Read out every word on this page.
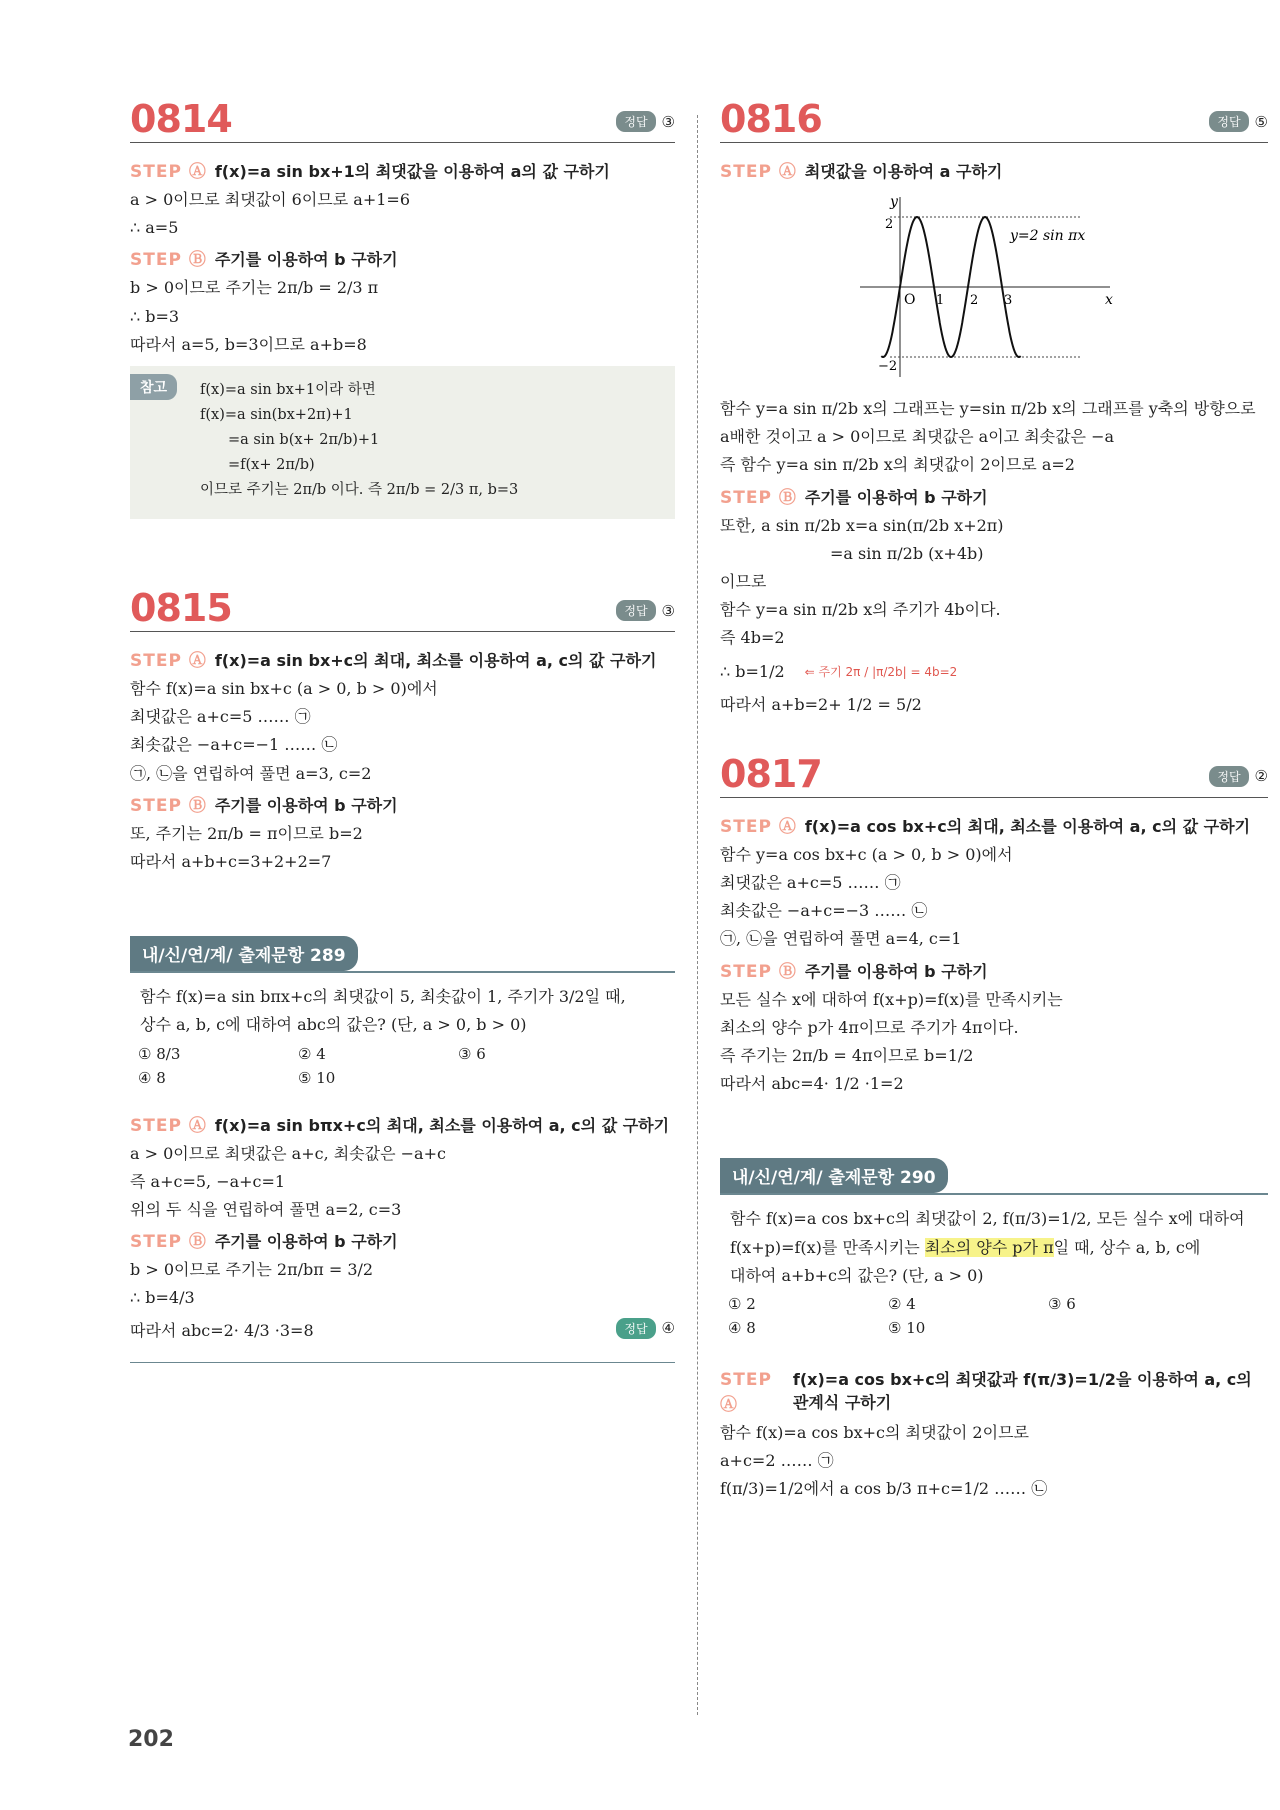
0814	정답 ③
STEP Ⓐ f(x)=a sin bx+1의 최댓값을 이용하여 a의 값 구하기
a > 0이므로 최댓값이 6이므로 a+1=6
∴ a=5
STEP Ⓑ 주기를 이용하여 b 구하기
b > 0이므로 주기는 2π/b = 2/3 π
∴ b=3
따라서 a=5, b=3이므로 a+b=8
참고	f(x)=a sin bx+1이라 하면
f(x)=a sin(bx+2π)+1
=a sin b(x+ 2π/b)+1
=f(x+ 2π/b)
이므로 주기는 2π/b 이다. 즉 2π/b = 2/3 π, b=3
0815	정답 ③
STEP Ⓐ f(x)=a sin bx+c의 최대, 최소를 이용하여 a, c의 값 구하기
함수 f(x)=a sin bx+c (a > 0, b > 0)에서
최댓값은 a+c=5 …… ㉠
최솟값은 −a+c=−1 …… ㉡
㉠, ㉡을 연립하여 풀면 a=3, c=2
STEP Ⓑ 주기를 이용하여 b 구하기
또, 주기는 2π/b = π이므로 b=2
따라서 a+b+c=3+2+2=7
내/신/연/계/ 출제문항 289
함수 f(x)=a sin bπx+c의 최댓값이 5, 최솟값이 1, 주기가 3/2일 때,
상수 a, b, c에 대하여 abc의 값은? (단, a > 0, b > 0)
① 8/3	② 4	③ 6
④ 8	⑤ 10
STEP Ⓐ f(x)=a sin bπx+c의 최대, 최소를 이용하여 a, c의 값 구하기
a > 0이므로 최댓값은 a+c, 최솟값은 −a+c
즉 a+c=5, −a+c=1
위의 두 식을 연립하여 풀면 a=2, c=3
STEP Ⓑ 주기를 이용하여 b 구하기
b > 0이므로 주기는 2π/bπ = 3/2
∴ b=4/3
따라서 abc=2· 4/3 ·3=8	정답 ④
0816	정답 ⑤
STEP Ⓐ 최댓값을 이용하여 a 구하기
y
x
O
2
−2
1 2 3
y=2 sin πx
함수 y=a sin π/2b x의 그래프는 y=sin π/2b x의 그래프를 y축의 방향으로
a배한 것이고 a > 0이므로 최댓값은 a이고 최솟값은 −a
즉 함수 y=a sin π/2b x의 최댓값이 2이므로 a=2
STEP Ⓑ 주기를 이용하여 b 구하기
또한, a sin π/2b x=a sin(π/2b x+2π)
=a sin π/2b (x+4b)
이므로
함수 y=a sin π/2b x의 주기가 4b이다.
즉 4b=2
∴ b=1/2 ⇐ 주기 2π / |π/2b| = 4b=2
따라서 a+b=2+ 1/2 = 5/2
0817	정답 ②
STEP Ⓐ f(x)=a cos bx+c의 최대, 최소를 이용하여 a, c의 값 구하기
함수 y=a cos bx+c (a > 0, b > 0)에서
최댓값은 a+c=5 …… ㉠
최솟값은 −a+c=−3 …… ㉡
㉠, ㉡을 연립하여 풀면 a=4, c=1
STEP Ⓑ 주기를 이용하여 b 구하기
모든 실수 x에 대하여 f(x+p)=f(x)를 만족시키는
최소의 양수 p가 4π이므로 주기가 4π이다.
즉 주기는 2π/b = 4π이므로 b=1/2
따라서 abc=4· 1/2 ·1=2
내/신/연/계/ 출제문항 290
함수 f(x)=a cos bx+c의 최댓값이 2, f(π/3)=1/2, 모든 실수 x에 대하여
f(x+p)=f(x)를 만족시키는 최소의 양수 p가 π일 때, 상수 a, b, c에
대하여 a+b+c의 값은? (단, a > 0)
① 2	② 4	③ 6
④ 8	⑤ 10
STEP Ⓐ
f(x)=a cos bx+c의 최댓값과 f(π/3)=1/2을 이용하여 a, c의 관계식 구하기
함수 f(x)=a cos bx+c의 최댓값이 2이므로
a+c=2 …… ㉠
f(π/3)=1/2에서 a cos b/3 π+c=1/2 …… ㉡
202
